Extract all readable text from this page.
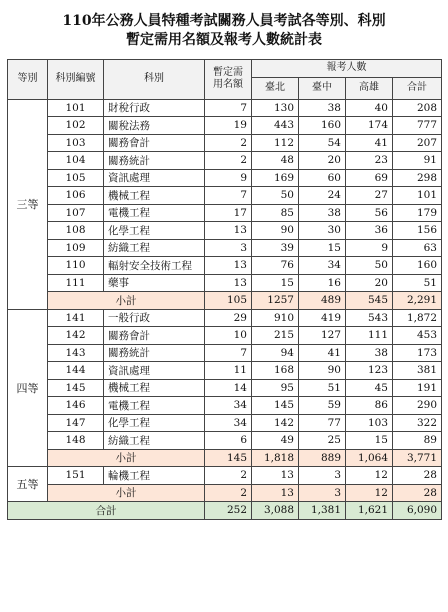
110年公務人員特種考試關務人員考試各等別、科別
暫定需用名額及報考人數統計表
等別	科別編號	科別	暫定需用名額	報考人數			
				臺北	臺中	高雄	合計
三等	101	財稅行政	7	130	38	40	208
	102	關稅法務	19	443	160	174	777
	103	關務會計	2	112	54	41	207
	104	關務統計	2	48	20	23	91
	105	資訊處理	9	169	60	69	298
	106	機械工程	7	50	24	27	101
	107	電機工程	17	85	38	56	179
	108	化學工程	13	90	30	36	156
	109	紡織工程	3	39	15	9	63
	110	輻射安全技術工程	13	76	34	50	160
	111	藥事	13	15	16	20	51
	小計		105	1257	489	545	2,291
四等	141	一般行政	29	910	419	543	1,872
	142	關務會計	10	215	127	111	453
	143	關務統計	7	94	41	38	173
	144	資訊處理	11	168	90	123	381
	145	機械工程	14	95	51	45	191
	146	電機工程	34	145	59	86	290
	147	化學工程	34	142	77	103	322
	148	紡織工程	6	49	25	15	89
	小計		145	1,818	889	1,064	3,771
五等	151	輪機工程	2	13	3	12	28
	小計		2	13	3	12	28
合計			252	3,088	1,381	1,621	6,090
